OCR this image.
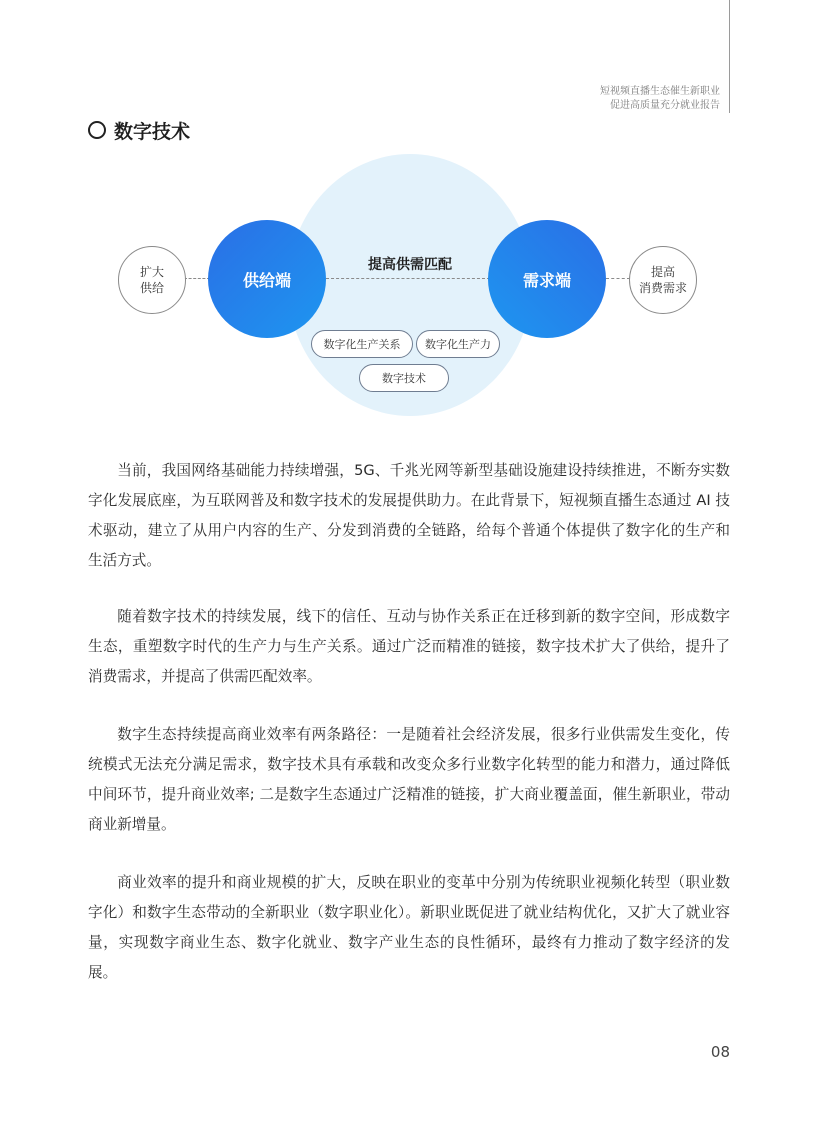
短视频直播生态催生新职业
促进高质量充分就业报告
数字技术
扩大
供给	供给端
提高供需匹配
需求端	提高
消费需求
数字化生产关系	数字化生产力
数字技术

当前，我国网络基础能力持续增强，5G、千兆光网等新型基础设施建设持续推进，不断夯实数字化发展底座，为互联网普及和数字技术的发展提供助力。在此背景下，短视频直播生态通过 AI 技术驱动，建立了从用户内容的生产、分发到消费的全链路，给每个普通个体提供了数字化的生产和生活方式。

随着数字技术的持续发展，线下的信任、互动与协作关系正在迁移到新的数字空间，形成数字生态，重塑数字时代的生产力与生产关系。通过广泛而精准的链接，数字技术扩大了供给，提升了消费需求，并提高了供需匹配效率。

数字生态持续提高商业效率有两条路径：一是随着社会经济发展，很多行业供需发生变化，传统模式无法充分满足需求，数字技术具有承载和改变众多行业数字化转型的能力和潜力，通过降低中间环节，提升商业效率; 二是数字生态通过广泛精准的链接，扩大商业覆盖面，催生新职业，带动商业新增量。

商业效率的提升和商业规模的扩大，反映在职业的变革中分别为传统职业视频化转型（职业数字化）和数字生态带动的全新职业（数字职业化）。新职业既促进了就业结构优化，又扩大了就业容量，实现数字商业生态、数字化就业、数字产业生态的良性循环，最终有力推动了数字经济的发展。

08
